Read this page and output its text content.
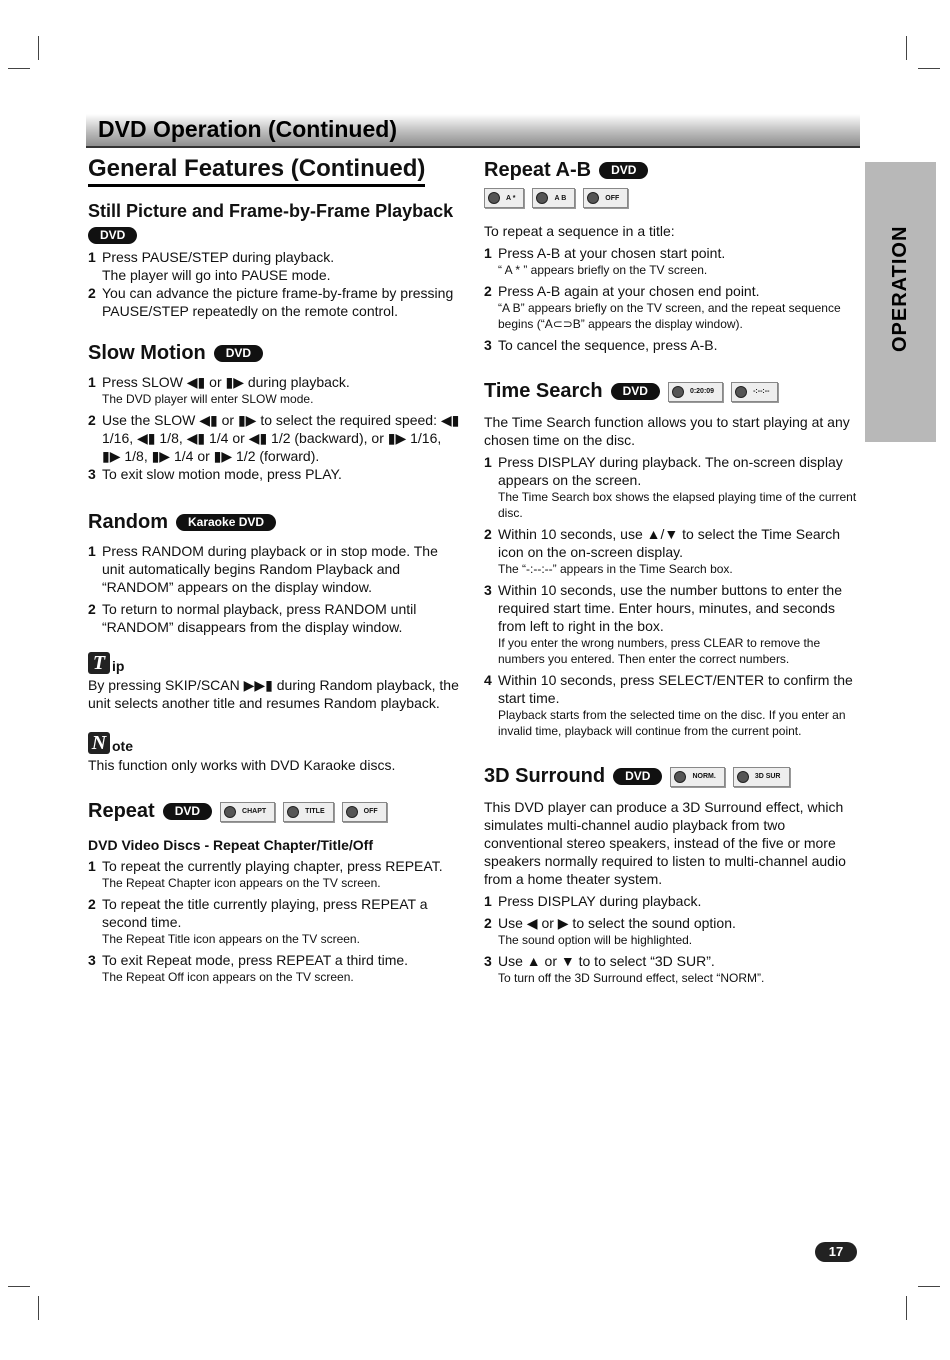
DVD Operation (Continued)
OPERATION
General Features (Continued)
Still Picture and Frame-by-Frame Playback
DVD
1 Press PAUSE/STEP during playback.
The player will go into PAUSE mode.
2 You can advance the picture frame-by-frame by pressing PAUSE/STEP repeatedly on the remote control.
Slow Motion	DVD
1 Press SLOW ◀▮ or ▮▶ during playback.
The DVD player will enter SLOW mode.
2 Use the SLOW ◀▮ or ▮▶ to select the required speed: ◀▮ 1/16, ◀▮ 1/8, ◀▮ 1/4 or ◀▮ 1/2 (backward), or ▮▶ 1/16, ▮▶ 1/8, ▮▶ 1/4 or ▮▶ 1/2 (forward).
3 To exit slow motion mode, press PLAY.
Random	Karaoke DVD
1 Press RANDOM during playback or in stop mode. The unit automatically begins Random Playback and “RANDOM” appears on the display window.
2 To return to normal playback, press RANDOM until “RANDOM” disappears from the display window.
T ip

By pressing SKIP/SCAN ▶▶▮ during Random playback, the unit selects another title and resumes Random playback.

N ote

This function only works with DVD Karaoke discs.

Repeat	DVD	CHAPT	TITLE	OFF
DVD Video Discs - Repeat Chapter/Title/Off
1 To repeat the currently playing chapter, press REPEAT.
The Repeat Chapter icon appears on the TV screen.
2 To repeat the title currently playing, press REPEAT a second time.
The Repeat Title icon appears on the TV screen.
3 To exit Repeat mode, press REPEAT a third time.
The Repeat Off icon appears on the TV screen.
Repeat A-B	DVD
A *	A B	OFF

To repeat a sequence in a title:

1 Press A-B at your chosen start point.
“ A * ” appears briefly on the TV screen.
2 Press A-B again at your chosen end point.
“A B” appears briefly on the TV screen, and the repeat sequence begins (“A⊂⊃B” appears the display window).
3 To cancel the sequence, press A-B.
Time Search	DVD	0:20:09	-:--:--

The Time Search function allows you to start playing at any chosen time on the disc.

1 Press DISPLAY during playback. The on-screen display appears on the screen.
The Time Search box shows the elapsed playing time of the current disc.
2 Within 10 seconds, use ▲/▼ to select the Time Search icon on the on-screen display.
The “-:--:--” appears in the Time Search box.
3 Within 10 seconds, use the number buttons to enter the required start time. Enter hours, minutes, and seconds from left to right in the box.
If you enter the wrong numbers, press CLEAR to remove the numbers you entered. Then enter the correct numbers.
4 Within 10 seconds, press SELECT/ENTER to confirm the start time.
Playback starts from the selected time on the disc. If you enter an invalid time, playback will continue from the current point.
3D Surround	DVD	NORM.	3D SUR

This DVD player can produce a 3D Surround effect, which simulates multi-channel audio playback from two conventional stereo speakers, instead of the five or more speakers normally required to listen to multi-channel audio from a home theater system.

1 Press DISPLAY during playback.
2 Use ◀ or ▶ to select the sound option.
The sound option will be highlighted.
3 Use ▲ or ▼ to to select “3D SUR”.
To turn off the 3D Surround effect, select “NORM”.
17
